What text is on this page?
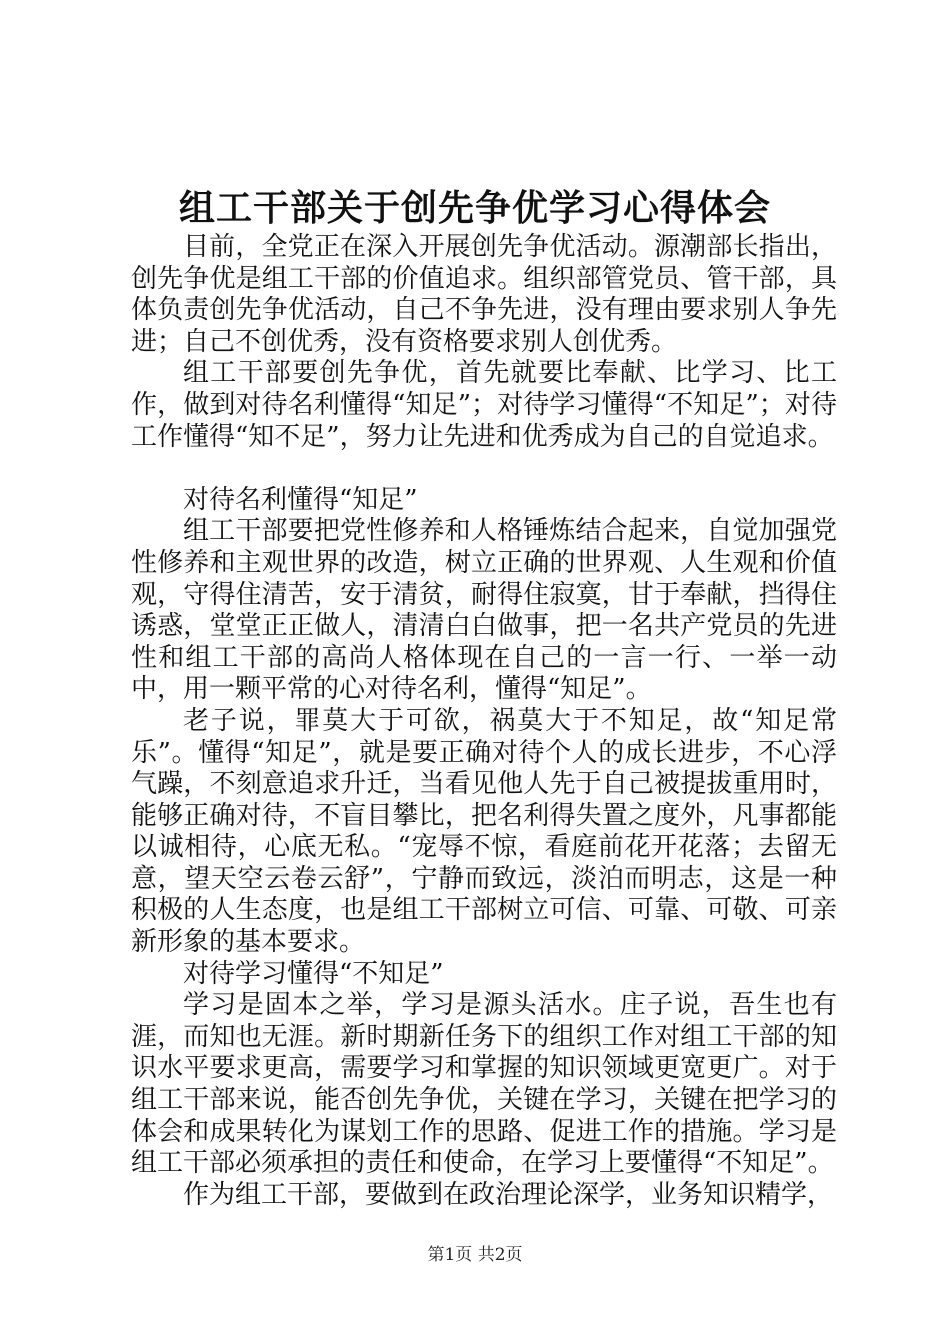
组工干部关于创先争优学习心得体会

目前，全党正在深入开展创先争优活动。源潮部长指出，创先争优是组工干部的价值追求。组织部管党员、管干部，具体负责创先争优活动，自己不争先进，没有理由要求别人争先进；自己不创优秀，没有资格要求别人创优秀。

组工干部要创先争优，首先就要比奉献、比学习、比工作，做到对待名利懂得“知足”；对待学习懂得“不知足”；对待工作懂得“知不足”，努力让先进和优秀成为自己的自觉追求。

对待名利懂得“知足”

组工干部要把党性修养和人格锤炼结合起来，自觉加强党性修养和主观世界的改造，树立正确的世界观、人生观和价值观，守得住清苦，安于清贫，耐得住寂寞，甘于奉献，挡得住诱惑，堂堂正正做人，清清白白做事，把一名共产党员的先进性和组工干部的高尚人格体现在自己的一言一行、一举一动中，用一颗平常的心对待名利，懂得“知足”。

老子说，罪莫大于可欲，祸莫大于不知足，故“知足常乐”。懂得“知足”，就是要正确对待个人的成长进步，不心浮气躁，不刻意追求升迁，当看见他人先于自己被提拔重用时，能够正确对待，不盲目攀比，把名利得失置之度外，凡事都能以诚相待，心底无私。“宠辱不惊，看庭前花开花落；去留无意，望天空云卷云舒”，宁静而致远，淡泊而明志，这是一种积极的人生态度，也是组工干部树立可信、可靠、可敬、可亲新形象的基本要求。

对待学习懂得“不知足”

学习是固本之举，学习是源头活水。庄子说，吾生也有涯，而知也无涯。新时期新任务下的组织工作对组工干部的知识水平要求更高，需要学习和掌握的知识领域更宽更广。对于组工干部来说，能否创先争优，关键在学习，关键在把学习的体会和成果转化为谋划工作的思路、促进工作的措施。学习是组工干部必须承担的责任和使命，在学习上要懂得“不知足”。

作为组工干部，要做到在政治理论深学，业务知识精学，

第1页 共2页
